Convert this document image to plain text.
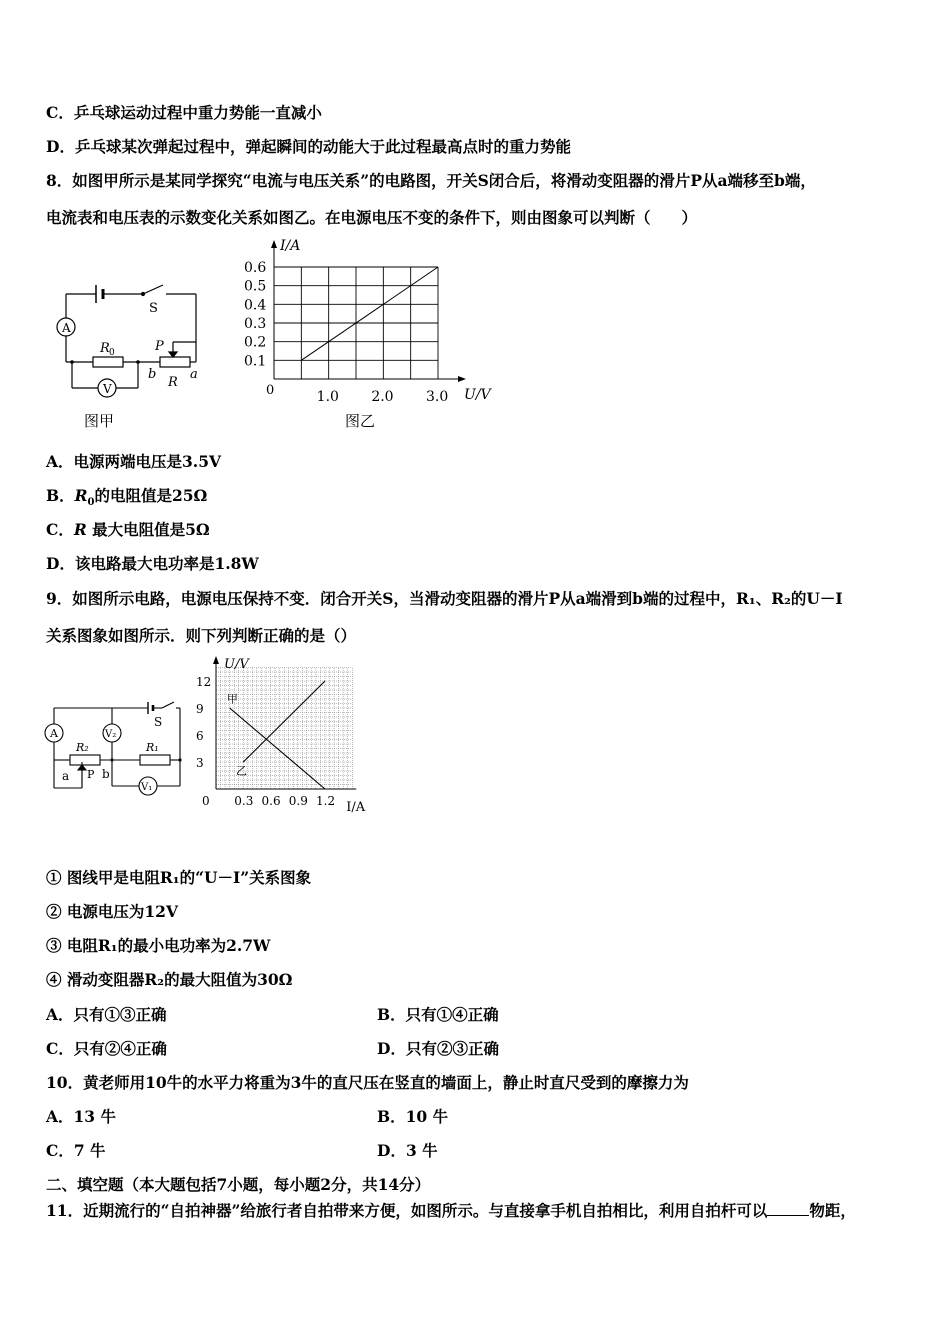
C．乒乓球运动过程中重力势能一直减小
D．乒乓球某次弹起过程中，弹起瞬间的动能大于此过程最高点时的重力势能
8．如图甲所示是某同学探究“电流与电压关系”的电路图，开关S闭合后，将滑动变阻器的滑片P从a端移至b端，
电流表和电压表的示数变化关系如图乙。在电源电压不变的条件下，则由图象可以判断（　　）
A
V
S
R 0	P
R
b	a
图甲
0.1
0.2
0.3
0.4
0.5
0.6
1.0 2.0 3.0
0
I/A
U/V
图乙
A．电源两端电压是3.5V
B．$R_0$的电阻值是25Ω
C．R 最大电阻值是5Ω
D．该电路最大电功率是1.8W
9．如图所示电路，电源电压保持不变．闭合开关S，当滑动变阻器的滑片P从a端滑到b端的过程中，R₁、R₂的U－I
关系图象如图所示．则下列判断正确的是（）
A	V₂
V₁
S
R₂	R₁
a	b
P
3
6
9
12
0.3 0.6 0.9 1.2
0
U/V
I/A
甲
乙
① 图线甲是电阻R₁的“U－I”关系图象
② 电源电压为12V
③ 电阻R₁的最小电功率为2.7W
④ 滑动变阻器R₂的最大阻值为30Ω
A．只有①③正确	B．只有①④正确
C．只有②④正确	D．只有②③正确
10．黄老师用10牛的水平力将重为3牛的直尺压在竖直的墙面上，静止时直尺受到的摩擦力为
A．13 牛	B．10 牛
C．7 牛	D．3 牛
二、填空题（本大题包括7小题，每小题2分，共14分）
11．近期流行的“自拍神器”给旅行者自拍带来方便，如图所示。与直接拿手机自拍相比，利用自拍杆可以	物距，
